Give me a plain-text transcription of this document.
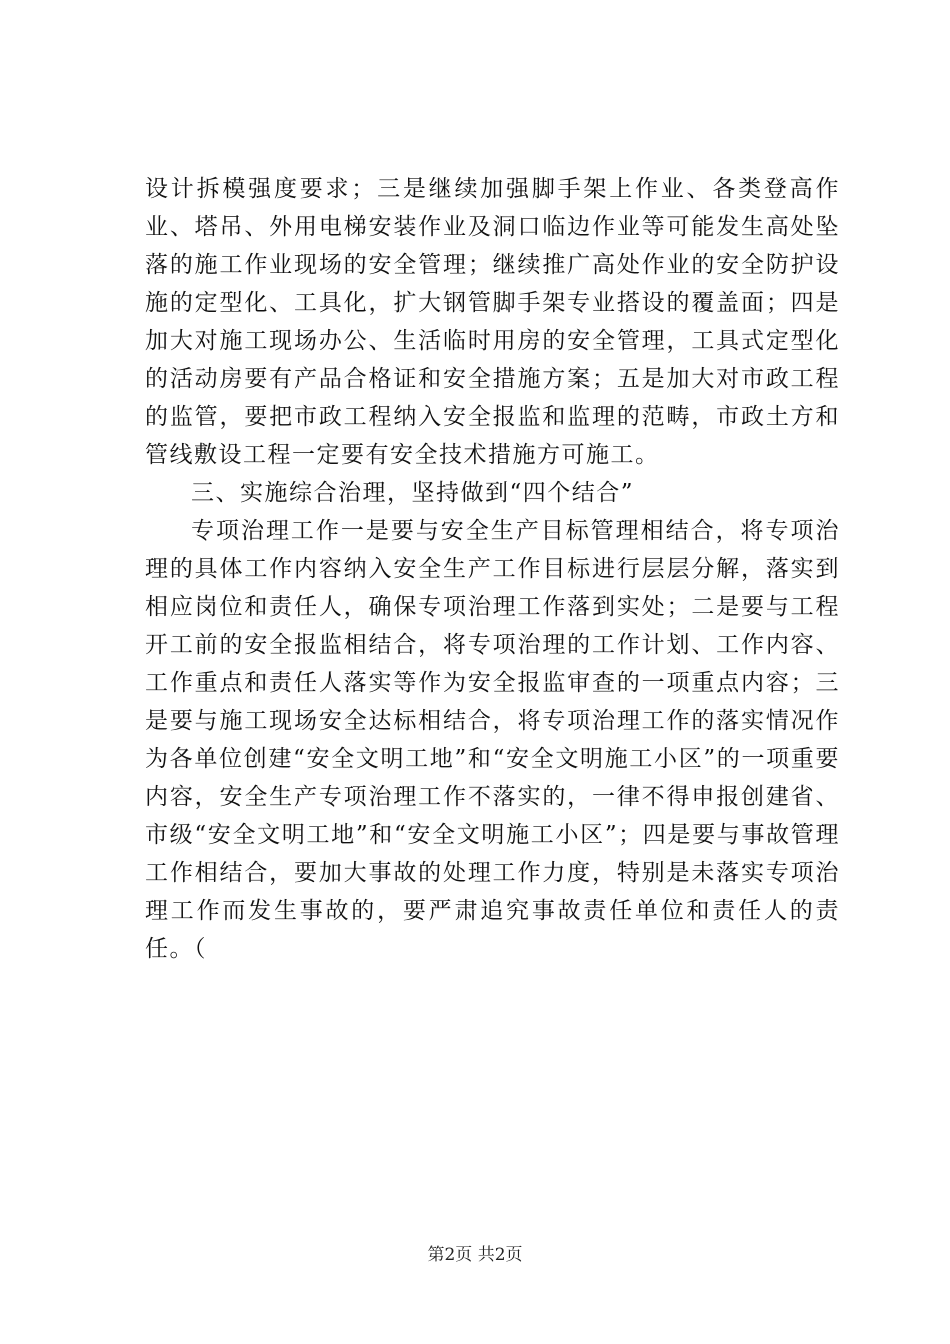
设计拆模强度要求；三是继续加强脚手架上作业、各类登高作业、塔吊、外用电梯安装作业及洞口临边作业等可能发生高处坠落的施工作业现场的安全管理；继续推广高处作业的安全防护设施的定型化、工具化，扩大钢管脚手架专业搭设的覆盖面；四是加大对施工现场办公、生活临时用房的安全管理，工具式定型化的活动房要有产品合格证和安全措施方案；五是加大对市政工程的监管，要把市政工程纳入安全报监和监理的范畴，市政土方和管线敷设工程一定要有安全技术措施方可施工。

三、实施综合治理，坚持做到“四个结合”

专项治理工作一是要与安全生产目标管理相结合，将专项治理的具体工作内容纳入安全生产工作目标进行层层分解，落实到相应岗位和责任人，确保专项治理工作落到实处；二是要与工程开工前的安全报监相结合，将专项治理的工作计划、工作内容、工作重点和责任人落实等作为安全报监审查的一项重点内容；三是要与施工现场安全达标相结合，将专项治理工作的落实情况作为各单位创建“安全文明工地”和“安全文明施工小区”的一项重要内容，安全生产专项治理工作不落实的，一律不得申报创建省、市级“安全文明工地”和“安全文明施工小区”；四是要与事故管理工作相结合，要加大事故的处理工作力度，特别是未落实专项治理工作而发生事故的，要严肃追究事故责任单位和责任人的责任。（

第2页 共2页
